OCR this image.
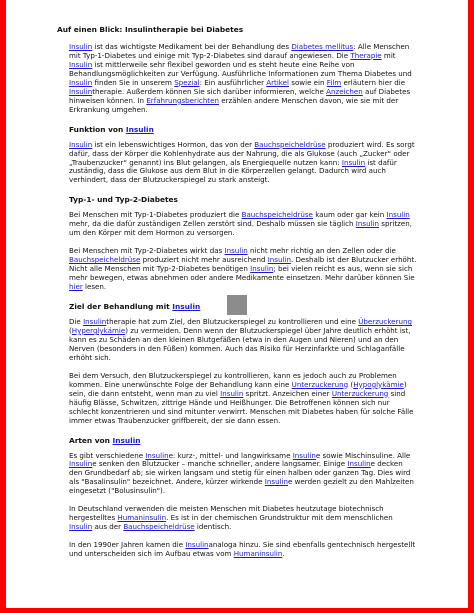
Auf einen Blick: Insulintherapie bei Diabetes

Insulin ist das wichtigste Medikament bei der Behandlung des Diabetes mellitus: Alle Menschen mit Typ-1-Diabetes und einige mit Typ-2-Diabetes sind darauf angewiesen. Die Therapie mit Insulin ist mittlerweile sehr flexibel geworden und es steht heute eine Reihe von Behandlungsmöglichkeiten zur Verfügung. Ausführliche Informationen zum Thema Diabetes und Insulin finden Sie in unserem Spezial: Ein ausführlicher Artikel sowie ein Film erläutern hier die Insulintherapie. Außerdem können Sie sich darüber informieren, welche Anzeichen auf Diabetes hinweisen können. In Erfahrungsberichten erzählen andere Menschen davon, wie sie mit der Erkrankung umgehen.

Funktion von Insulin

Insulin ist ein lebenswichtiges Hormon, das von der Bauchspeicheldrüse produziert wird. Es sorgt dafür, dass der Körper die Kohlenhydrate aus der Nahrung, die als Glukose (auch „Zucker“ oder „Traubenzucker“ genannt) ins Blut gelangen, als Energiequelle nutzen kann: Insulin ist dafür zuständig, dass die Glukose aus dem Blut in die Körperzellen gelangt. Dadurch wird auch verhindert, dass der Blutzuckerspiegel zu stark ansteigt.

Typ-1- und Typ-2-Diabetes

Bei Menschen mit Typ-1-Diabetes produziert die Bauchspeicheldrüse kaum oder gar kein Insulin mehr, da die dafür zuständigen Zellen zerstört sind. Deshalb müssen sie täglich Insulin spritzen, um den Körper mit dem Hormon zu versorgen.

Bei Menschen mit Typ-2-Diabetes wirkt das Insulin nicht mehr richtig an den Zellen oder die Bauchspeicheldrüse produziert nicht mehr ausreichend Insulin. Deshalb ist der Blutzucker erhöht. Nicht alle Menschen mit Typ-2-Diabetes benötigen Insulin; bei vielen reicht es aus, wenn sie sich mehr bewegen, etwas abnehmen oder andere Medikamente einsetzen. Mehr darüber können Sie hier lesen.

Ziel der Behandlung mit Insulin

Die Insulintherapie hat zum Ziel, den Blutzuckerspiegel zu kontrollieren und eine Überzuckerung (Hyperglykämie) zu vermeiden. Denn wenn der Blutzuckerspiegel über Jahre deutlich erhöht ist, kann es zu Schäden an den kleinen Blutgefäßen (etwa in den Augen und Nieren) und an den Nerven (besonders in den Füßen) kommen. Auch das Risiko für Herzinfarkte und Schlaganfälle erhöht sich.

Bei dem Versuch, den Blutzuckerspiegel zu kontrollieren, kann es jedoch auch zu Problemen kommen. Eine unerwünschte Folge der Behandlung kann eine Unterzuckerung (Hypoglykämie) sein, die dann entsteht, wenn man zu viel Insulin spritzt. Anzeichen einer Unterzuckerung sind häufig Blässe, Schwitzen, zittrige Hände und Heißhunger. Die Betroffenen können sich nur schlecht konzentrieren und sind mitunter verwirrt. Menschen mit Diabetes haben für solche Fälle immer etwas Traubenzucker griffbereit, der sie dann essen.

Arten von Insulin

Es gibt verschiedene Insuline: kurz-, mittel- und langwirksame Insuline sowie Mischinsuline. Alle Insuline senken den Blutzucker – manche schneller, andere langsamer. Einige Insuline decken den Grundbedarf ab; sie wirken langsam und stetig für einen halben oder ganzen Tag. Dies wird als "Basalinsulin" bezeichnet. Andere, kürzer wirkende Insuline werden gezielt zu den Mahlzeiten eingesetzt ("Bolusinsulin").

In Deutschland verwenden die meisten Menschen mit Diabetes heutzutage biotechnisch hergestelltes Humaninsulin. Es ist in der chemischen Grundstruktur mit dem menschlichen Insulin aus der Bauchspeicheldrüse identisch.

In den 1990er Jahren kamen die Insulinanaloga hinzu. Sie sind ebenfalls gentechnisch hergestellt und unterscheiden sich im Aufbau etwas vom Humaninsulin.
